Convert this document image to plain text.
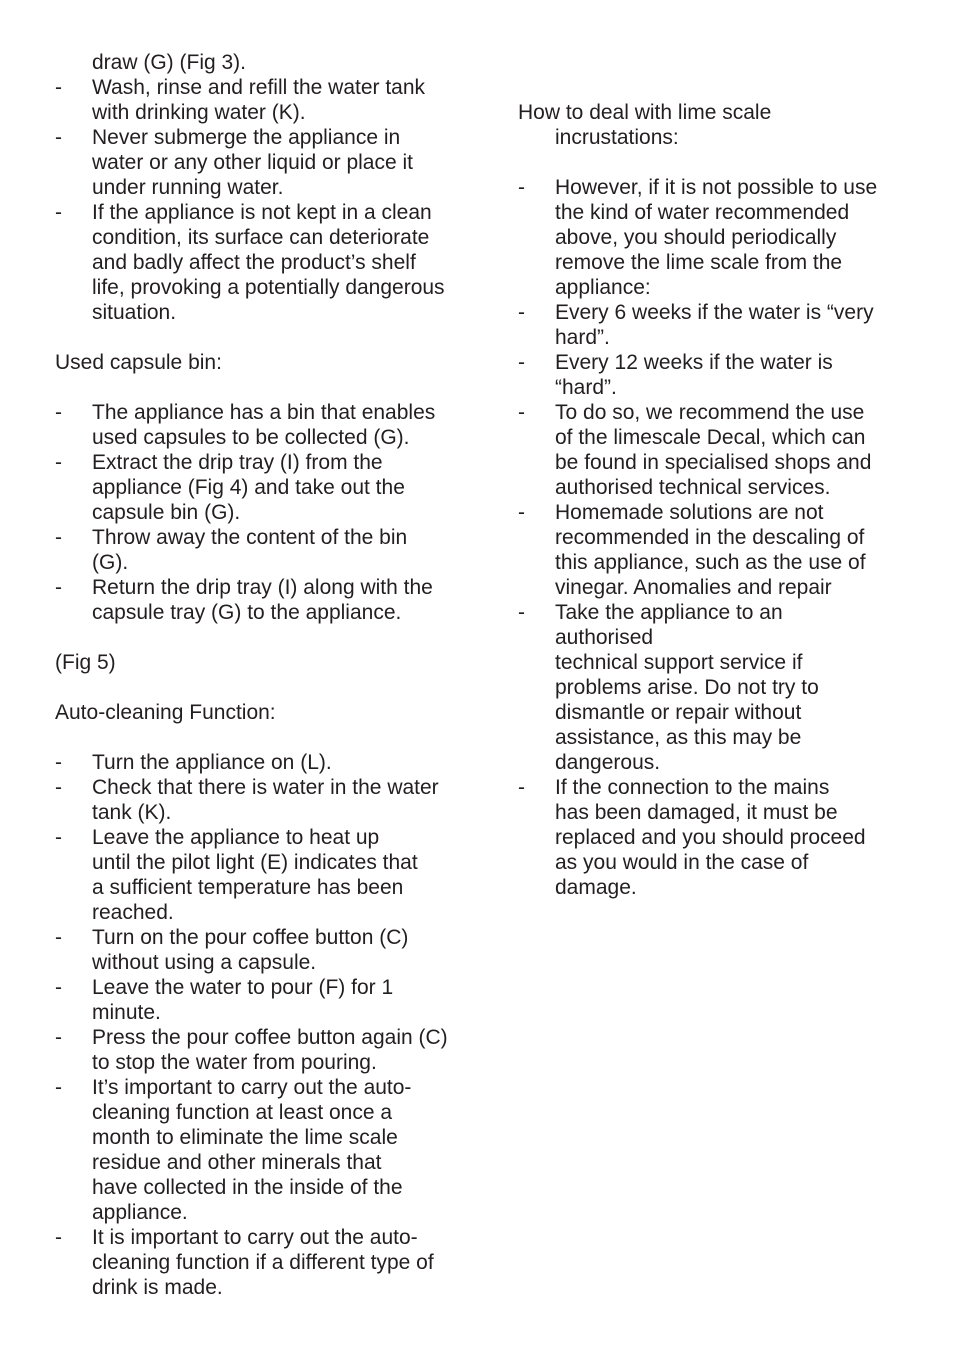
draw (G) (Fig 3).
- Wash, rinse and refill the water tank
with drinking water (K).
- Never submerge the appliance in
water or any other liquid or place it
under running water.
- If the appliance is not kept in a clean
condition, its surface can deteriorate
and badly affect the product’s shelf
life, provoking a potentially dangerous
situation.
Used capsule bin:
- The appliance has a bin that enables
used capsules to be collected (G).
- Extract the drip tray (I) from the
appliance (Fig 4) and take out the
capsule bin (G).
- Throw away the content of the bin
(G).
- Return the drip tray (I) along with the
capsule tray (G) to the appliance.
(Fig 5)
Auto-cleaning Function:
- Turn the appliance on (L).
- Check that there is water in the water
tank (K).
- Leave the appliance to heat up
until the pilot light (E) indicates that
a sufficient temperature has been
reached.
- Turn on the pour coffee button (C)
without using a capsule.
- Leave the water to pour (F) for 1
minute.
- Press the pour coffee button again (C)
to stop the water from pouring.
- It’s important to carry out the auto-
cleaning function at least once a
month to eliminate the lime scale
residue and other minerals that
have collected in the inside of the
appliance.
- It is important to carry out the auto-
cleaning function if a different type of
drink is made.
How to deal with lime scale
incrustations:
- However, if it is not possible to use
the kind of water recommended
above, you should periodically
remove the lime scale from the
appliance:
- Every 6 weeks if the water is “very
hard”.
- Every 12 weeks if the water is
“hard”.
- To do so, we recommend the use
of the limescale Decal, which can
be found in specialised shops and
authorised technical services.
- Homemade solutions are not
recommended in the descaling of
this appliance, such as the use of
vinegar. Anomalies and repair
- Take the appliance to an
authorised
technical support service if
problems arise. Do not try to
dismantle or repair without
assistance, as this may be
dangerous.
- If the connection to the mains
has been damaged, it must be
replaced and you should proceed
as you would in the case of
damage.
